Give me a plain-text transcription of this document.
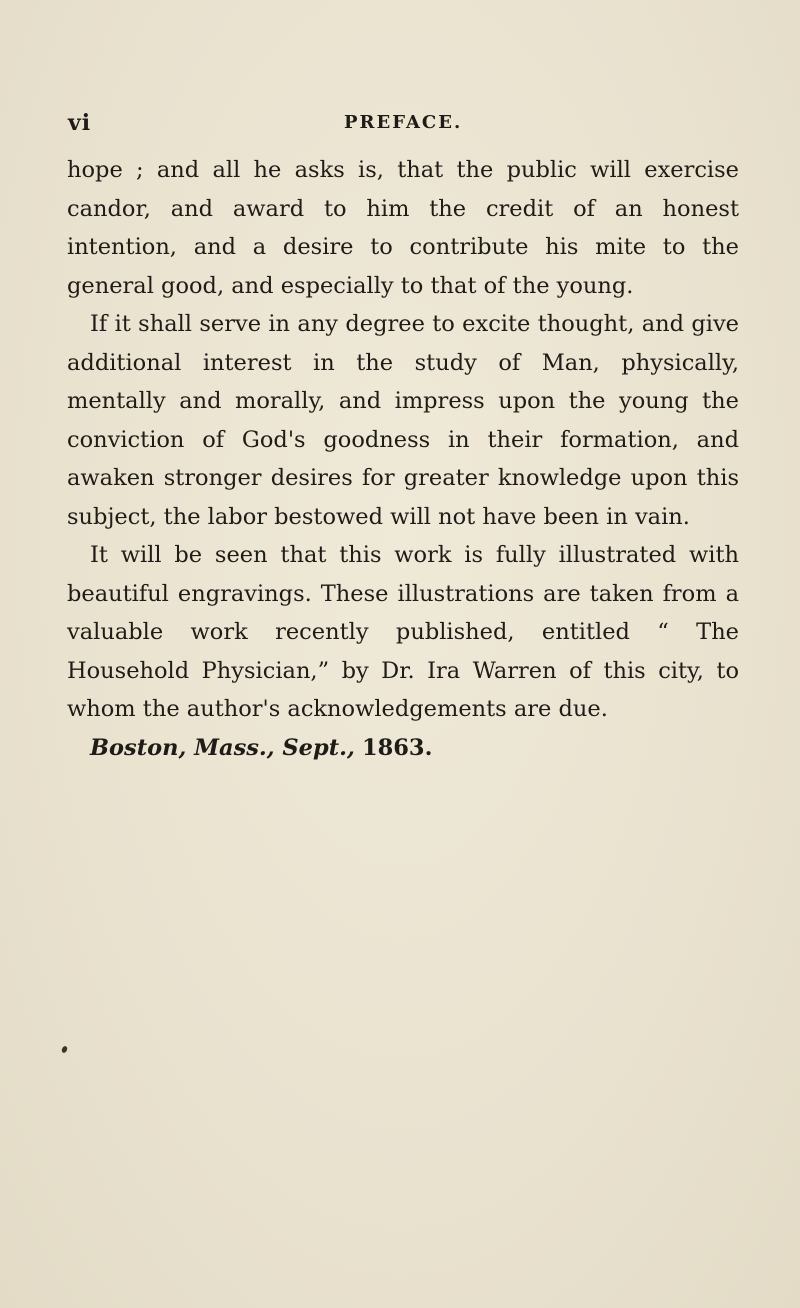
vi	PREFACE.

hope ; and all he asks is, that the public will exercise candor, and award to him the credit of an honest intention, and a desire to contribute his mite to the general good, and especially to that of the young.

If it shall serve in any degree to excite thought, and give additional interest in the study of Man, physically, mentally and morally, and impress upon the young the conviction of God's goodness in their formation, and awaken stronger desires for greater knowledge upon this subject, the labor bestowed will not have been in vain.

It will be seen that this work is fully illustrated with beautiful engravings. These illustrations are taken from a valuable work recently published, entitled “ The Household Physician,” by Dr. Ira Warren of this city, to whom the author's acknowledgements are due.

Boston, Mass., Sept., 1863.
